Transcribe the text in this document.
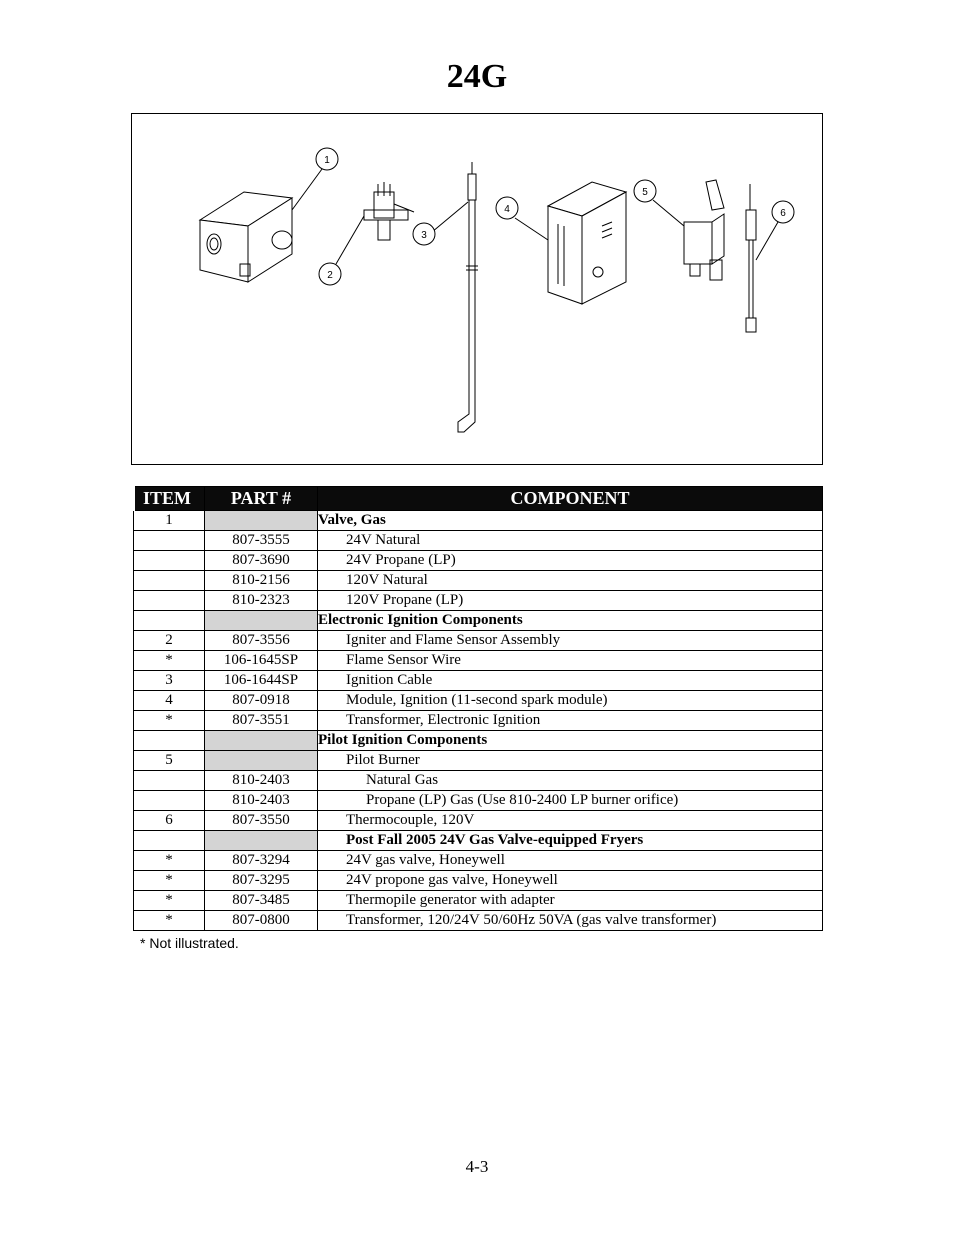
24G
1
2
3
4
5
6
ITEM	PART #	COMPONENT
1		Valve, Gas
	807-3555	24V Natural
	807-3690	24V Propane (LP)
	810-2156	120V Natural
	810-2323	120V Propane (LP)
		Electronic Ignition Components
2	807-3556	Igniter and Flame Sensor Assembly
*	106-1645SP	Flame Sensor Wire
3	106-1644SP	Ignition Cable
4	807-0918	Module, Ignition (11-second spark module)
*	807-3551	Transformer, Electronic Ignition
		Pilot Ignition Components
5		Pilot Burner
	810-2403	Natural Gas
	810-2403	Propane (LP) Gas (Use 810-2400 LP burner orifice)
6	807-3550	Thermocouple, 120V
		Post Fall 2005 24V Gas Valve-equipped Fryers
*	807-3294	24V gas valve, Honeywell
*	807-3295	24V propone gas valve, Honeywell
*	807-3485	Thermopile generator with adapter
*	807-0800	Transformer, 120/24V 50/60Hz 50VA (gas valve transformer)
* Not illustrated.
4-3
